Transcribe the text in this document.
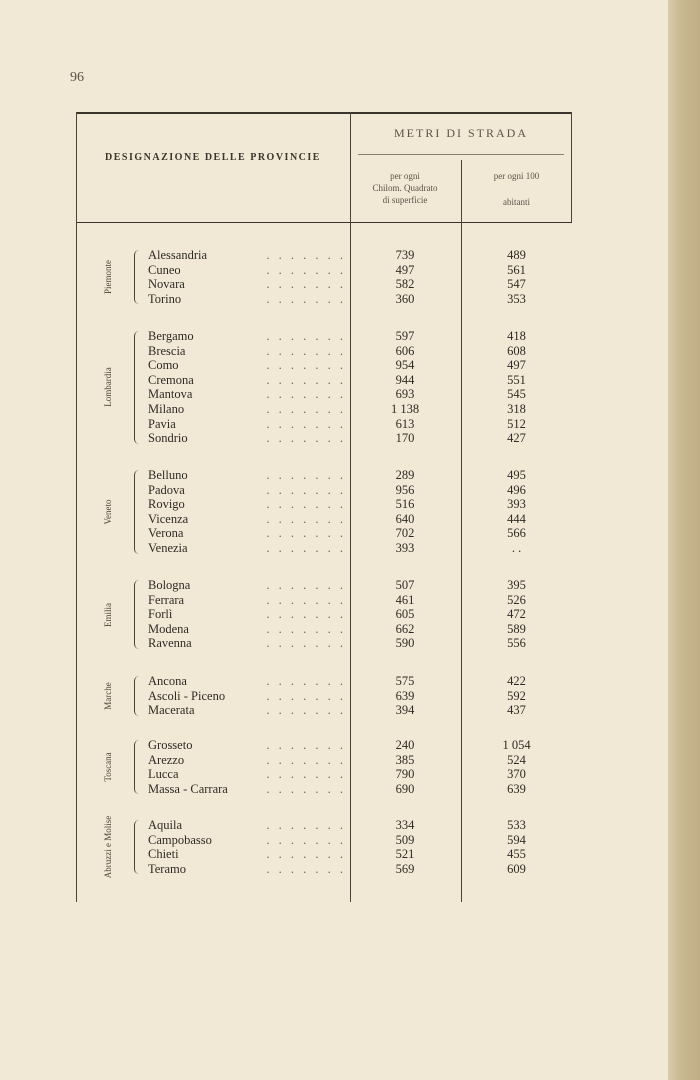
96
DESIGNAZIONE DELLE PROVINCIE
METRI DI STRADA
per ogni
Chilom. Quadrato
di superficie
per ogni 100
abitanti
Piemonte
Alessandria	. . . . . . .	739	489
Cuneo	. . . . . . .	497	561
Novara	. . . . . . .	582	547
Torino	. . . . . . .	360	353
Lombardia
Bergamo	. . . . . . .	597	418
Brescia	. . . . . . .	606	608
Como	. . . . . . .	954	497
Cremona	. . . . . . .	944	551
Mantova	. . . . . . .	693	545
Milano	. . . . . . .	1 138	318
Pavia	. . . . . . .	613	512
Sondrio	. . . . . . .	170	427
Veneto
Belluno	. . . . . . .	289	495
Padova	. . . . . . .	956	496
Rovigo	. . . . . . .	516	393
Vicenza	. . . . . . .	640	444
Verona	. . . . . . .	702	566
Venezia	. . . . . . .	393	. .
Emilia
Bologna	. . . . . . .	507	395
Ferrara	. . . . . . .	461	526
Forlì	. . . . . . .	605	472
Modena	. . . . . . .	662	589
Ravenna	. . . . . . .	590	556
Marche
Ancona	. . . . . . .	575	422
Ascoli - Piceno	. . . . . . .	639	592
Macerata	. . . . . . .	394	437
Toscana
Grosseto	. . . . . . .	240	1 054
Arezzo	. . . . . . .	385	524
Lucca	. . . . . . .	790	370
Massa - Carrara	. . . . . . .	690	639
Abruzzi e Molise	Aquila	. . . . . . .	334	533
Campobasso	. . . . . . .	509	594
Chieti	. . . . . . .	521	455
Teramo	. . . . . . .	569	609
